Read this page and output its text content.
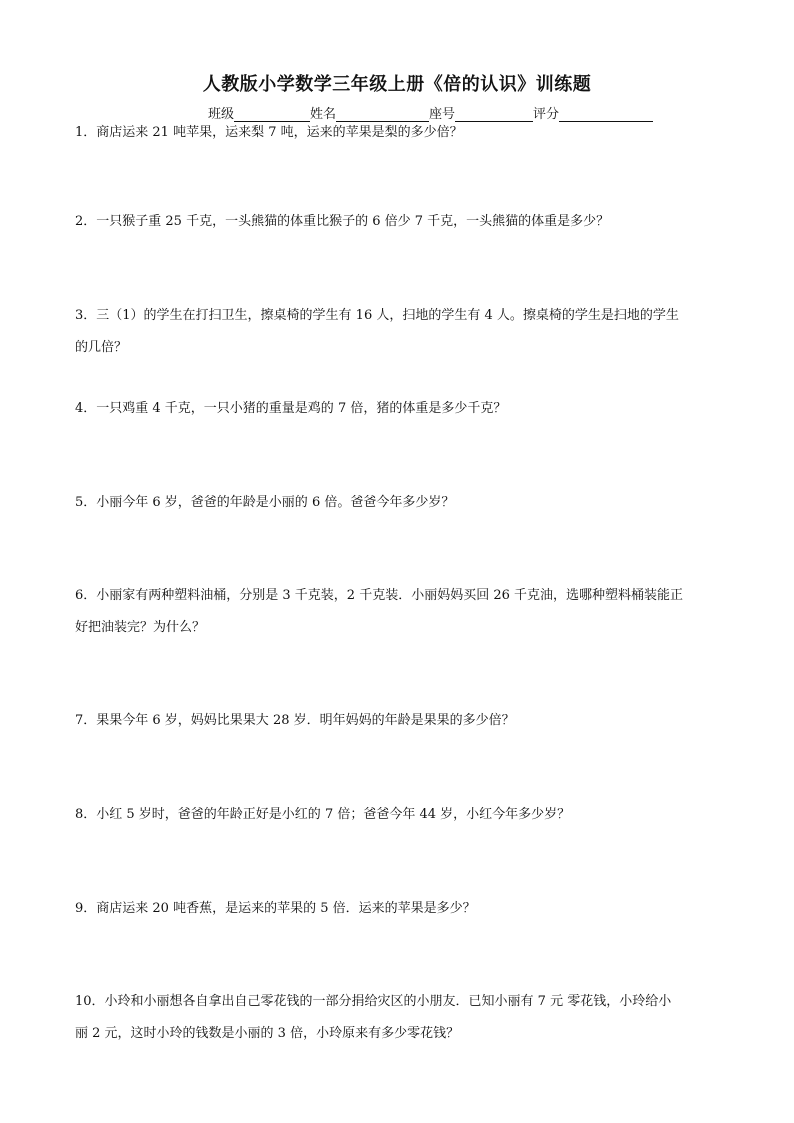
人教版小学数学三年级上册《倍的认识》训练题
班级	姓名	座号	评分
1．商店运来 21 吨苹果，运来梨 7 吨，运来的苹果是梨的多少倍？
2．一只猴子重 25 千克，一头熊猫的体重比猴子的 6 倍少 7 千克，一头熊猫的体重是多少？
3．三（1）的学生在打扫卫生，擦桌椅的学生有 16 人，扫地的学生有 4 人。擦桌椅的学生是扫地的学生
的几倍？
4．一只鸡重 4 千克，一只小猪的重量是鸡的 7 倍，猪的体重是多少千克？
5．小丽今年 6 岁，爸爸的年龄是小丽的 6 倍。爸爸今年多少岁？
6．小丽家有两种塑料油桶，分别是 3 千克装，2 千克装．小丽妈妈买回 26 千克油，选哪种塑料桶装能正
好把油装完？为什么？
7．果果今年 6 岁，妈妈比果果大 28 岁．明年妈妈的年龄是果果的多少倍？
8．小红 5 岁时，爸爸的年龄正好是小红的 7 倍；爸爸今年 44 岁，小红今年多少岁？
9．商店运来 20 吨香蕉，是运来的苹果的 5 倍．运来的苹果是多少？
10．小玲和小丽想各自拿出自己零花钱的一部分捐给灾区的小朋友．已知小丽有 7 元 零花钱，小玲给小
丽 2 元，这时小玲的钱数是小丽的 3 倍，小玲原来有多少零花钱？
